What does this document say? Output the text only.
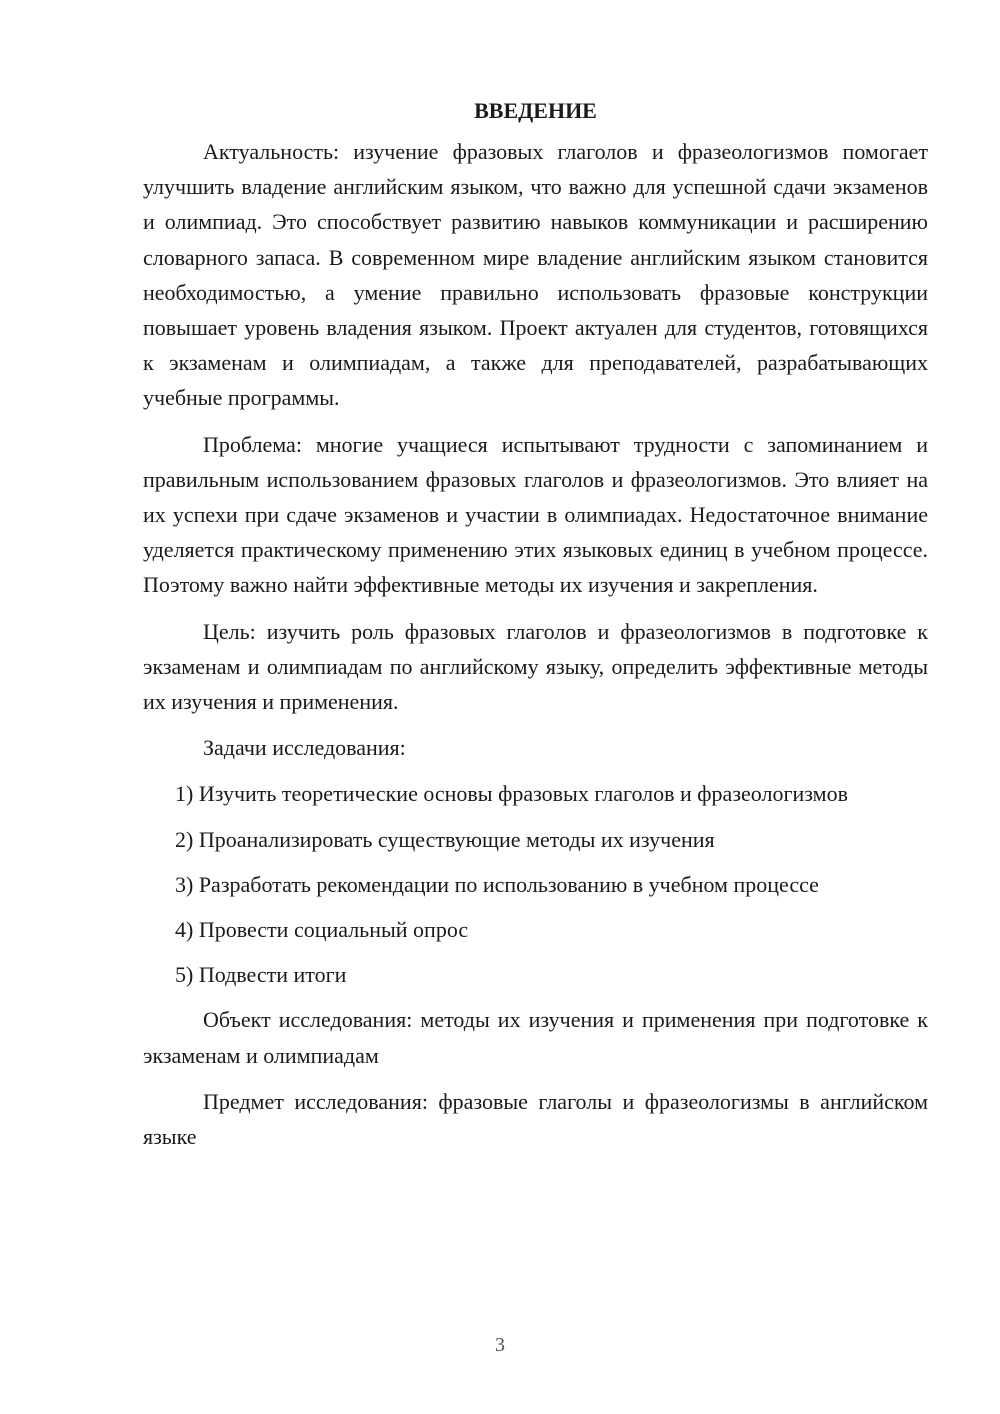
ВВЕДЕНИЕ

Актуальность: изучение фразовых глаголов и фразеологизмов помогает улучшить владение английским языком, что важно для успешной сдачи экзаменов и олимпиад. Это способствует развитию навыков коммуникации и расширению словарного запаса. В современном мире владение английским языком становится необходимостью, а умение правильно использовать фразовые конструкции повышает уровень владения языком. Проект актуален для студентов, готовящихся к экзаменам и олимпиадам, а также для преподавателей, разрабатывающих учебные программы.

Проблема: многие учащиеся испытывают трудности с запоминанием и правильным использованием фразовых глаголов и фразеологизмов. Это влияет на их успехи при сдаче экзаменов и участии в олимпиадах. Недостаточное внимание уделяется практическому применению этих языковых единиц в учебном процессе. Поэтому важно найти эффективные методы их изучения и закрепления.

Цель: изучить роль фразовых глаголов и фразеологизмов в подготовке к экзаменам и олимпиадам по английскому языку, определить эффективные методы их изучения и применения.

Задачи исследования:

1) Изучить теоретические основы фразовых глаголов и фразеологизмов

2) Проанализировать существующие методы их изучения

3) Разработать рекомендации по использованию в учебном процессе

4) Провести социальный опрос

5) Подвести итоги

Объект исследования: методы их изучения и применения при подготовке к экзаменам и олимпиадам

Предмет исследования: фразовые глаголы и фразеологизмы в английском языке

3
